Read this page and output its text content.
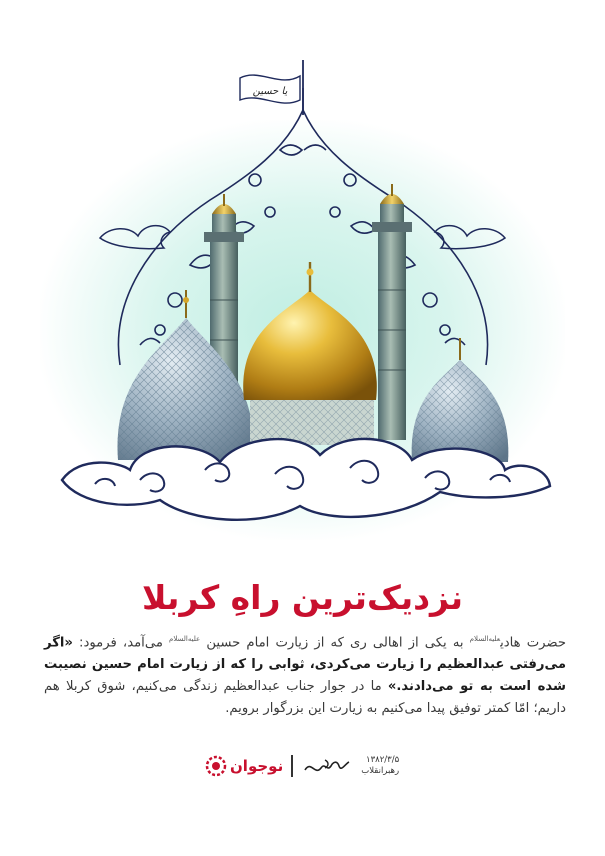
یا حسین
نزدیک‌ترین راهِ کربلا
حضرت هادی$^{علیه‌السلام}$ به یکی از اهالی ری که از زیارت امام حسین $^{علیه‌السلام}$ می‌آمد، فرمود: «اگر می‌رفتی عبدالعظیم را زیارت می‌کردی، ثوابی را که از زیارت امام حسین نصیبت شده است به تو می‌دادند.» ما در جوار جناب عبدالعظیم زندگی می‌کنیم، شوق کربلا هم داریم؛ امّا کمتر توفیق پیدا می‌کنیم به زیارت این بزرگوار برویم.
نوجوان	۱۳۸۲/۳/۵
رهبرانقلاب
